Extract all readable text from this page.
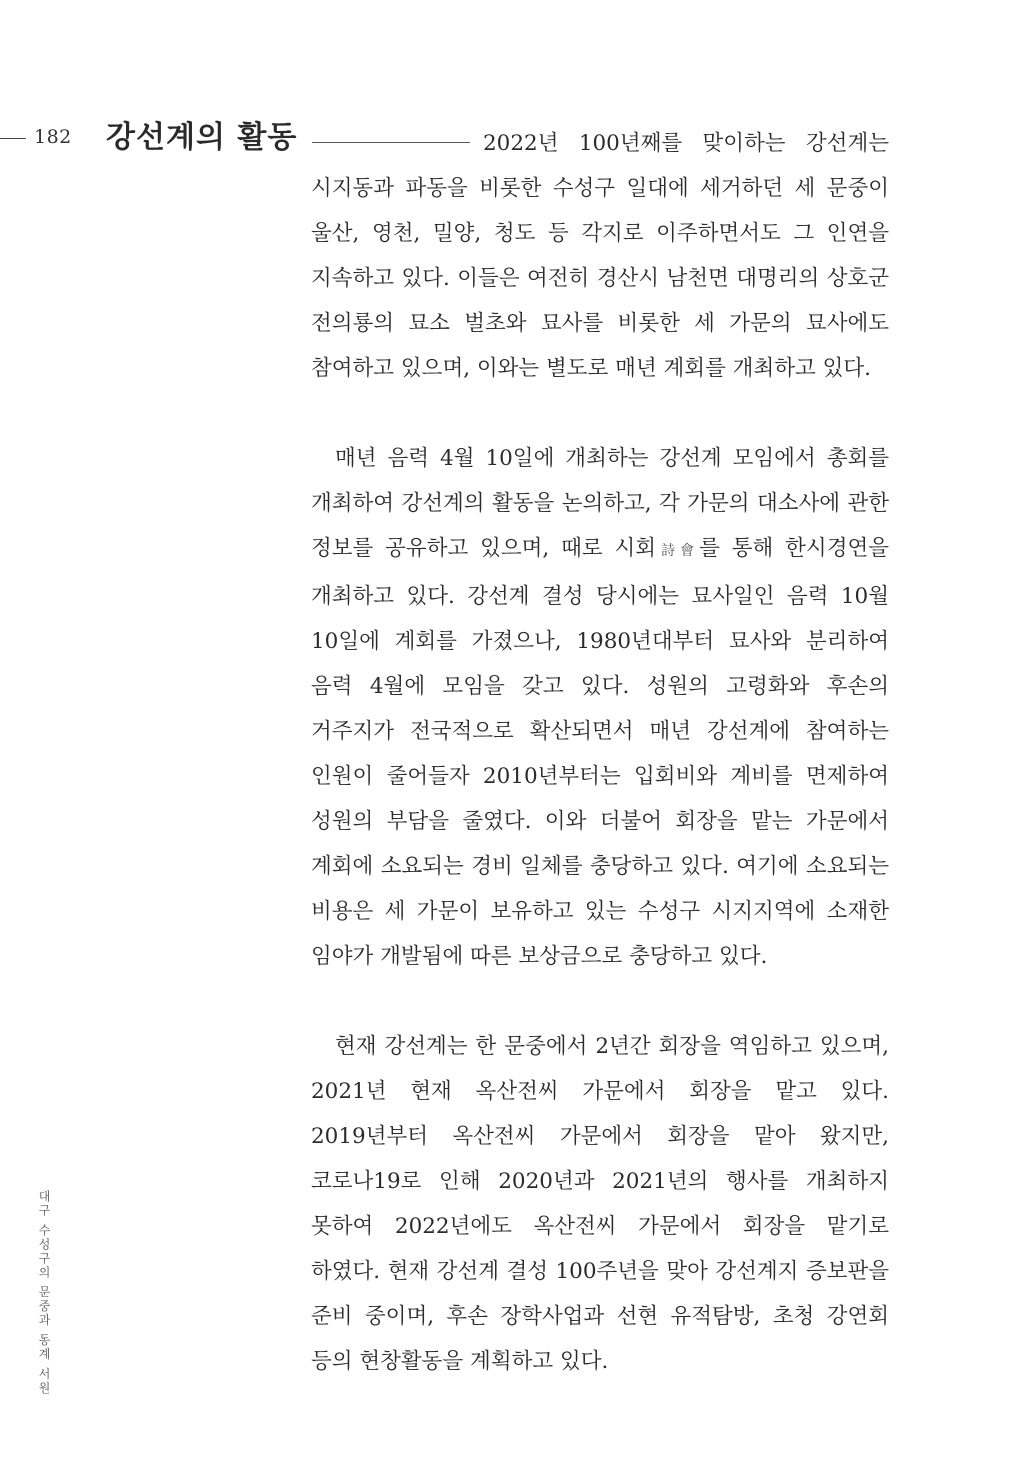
182 강선계의 활동	2022년 100년째를 맞이하는 강선계는 시지동과 파동을 비롯한 수성구 일대에 세거하던 세 문중이 울산, 영천, 밀양, 청도 등 각지로 이주하면서도 그 인연을 지속하고 있다. 이들은 여전히 경산시 남천면 대명리의 상호군 전의룡의 묘소 벌초와 묘사를 비롯한 세 가문의 묘사에도 참여하고 있으며, 이와는 별도로 매년 계회를 개최하고 있다.

매년 음력 4월 10일에 개최하는 강선계 모임에서 총회를 개최하여 강선계의 활동을 논의하고, 각 가문의 대소사에 관한 정보를 공유하고 있으며, 때로 시회詩會를 통해 한시경연을 개최하고 있다. 강선계 결성 당시에는 묘사일인 음력 10월 10일에 계회를 가졌으나, 1980년대부터 묘사와 분리하여 음력 4월에 모임을 갖고 있다. 성원의 고령화와 후손의 거주지가 전국적으로 확산되면서 매년 강선계에 참여하는 인원이 줄어들자 2010년부터는 입회비와 계비를 면제하여 성원의 부담을 줄였다. 이와 더불어 회장을 맡는 가문에서 계회에 소요되는 경비 일체를 충당하고 있다. 여기에 소요되는 비용은 세 가문이 보유하고 있는 수성구 시지지역에 소재한 임야가 개발됨에 따른 보상금으로 충당하고 있다.

현재 강선계는 한 문중에서 2년간 회장을 역임하고 있으며, 2021년 현재 옥산전씨 가문에서 회장을 맡고 있다. 2019년부터 옥산전씨 가문에서 회장을 맡아 왔지만, 코로나19로 인해 2020년과 2021년의 행사를 개최하지 못하여 2022년에도 옥산전씨 가문에서 회장을 맡기로 하였다. 현재 강선계 결성 100주년을 맞아 강선계지 증보판을 준비 중이며, 후손 장학사업과 선현 유적탐방, 초청 강연회 등의 현창활동을 계획하고 있다.

대구 수성구의 문중과 동계 서원
